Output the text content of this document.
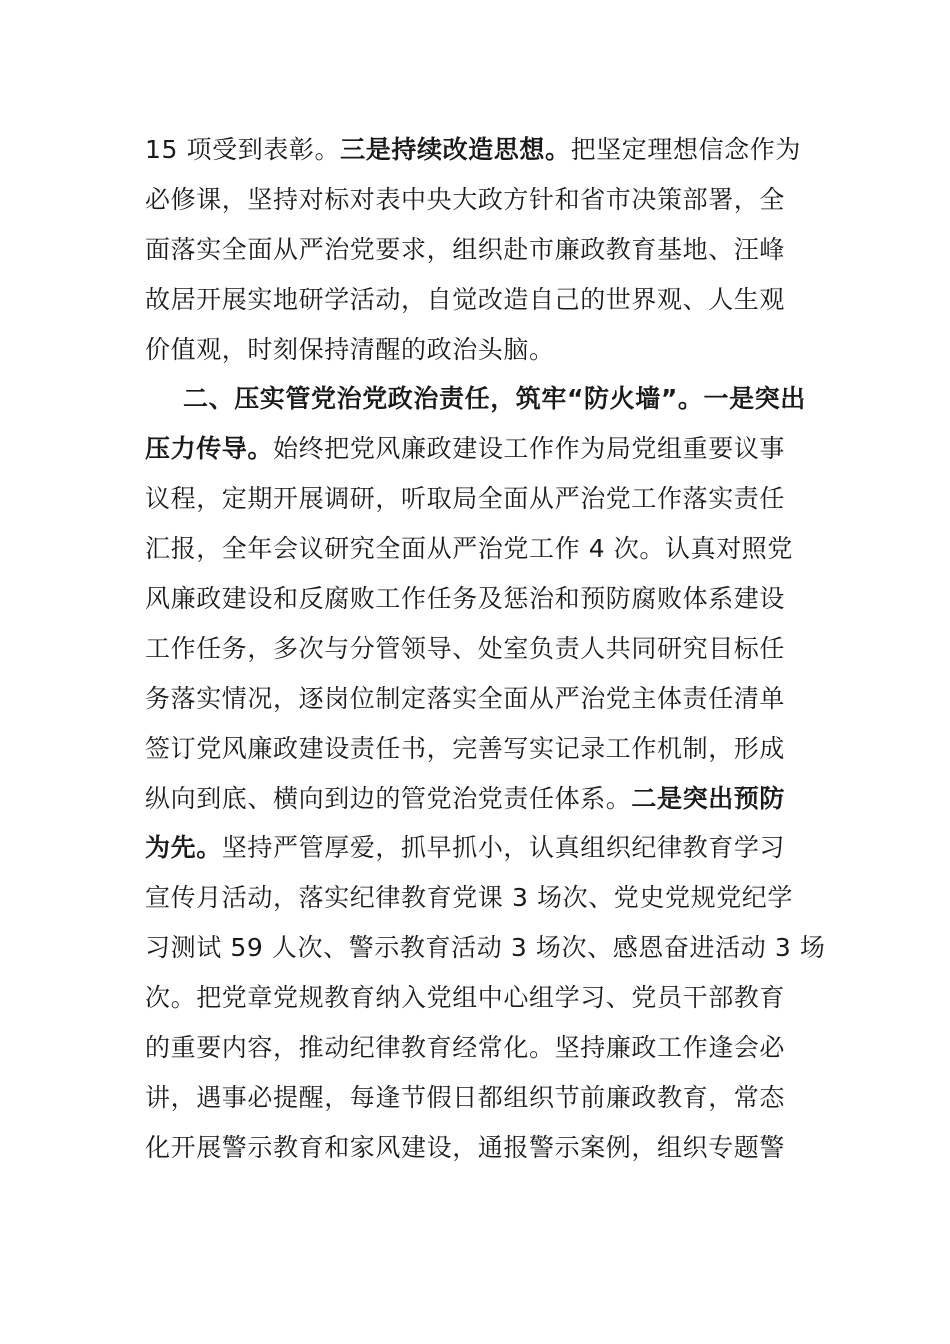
15 项受到表彰。三是持续改造思想。把坚定理想信念作为
必修课，坚持对标对表中央大政方针和省市决策部署，全
面落实全面从严治党要求，组织赴市廉政教育基地、汪峰
故居开展实地研学活动，自觉改造自己的世界观、人生观
价值观，时刻保持清醒的政治头脑。
二、压实管党治党政治责任，筑牢“防火墙”。一是突出
压力传导。始终把党风廉政建设工作作为局党组重要议事
议程，定期开展调研，听取局全面从严治党工作落实责任
汇报，全年会议研究全面从严治党工作 4 次。认真对照党
风廉政建设和反腐败工作任务及惩治和预防腐败体系建设
工作任务，多次与分管领导、处室负责人共同研究目标任
务落实情况，逐岗位制定落实全面从严治党主体责任清单
签订党风廉政建设责任书，完善写实记录工作机制，形成
纵向到底、横向到边的管党治党责任体系。二是突出预防
为先。坚持严管厚爱，抓早抓小，认真组织纪律教育学习
宣传月活动，落实纪律教育党课 3 场次、党史党规党纪学
习测试 59 人次、警示教育活动 3 场次、感恩奋进活动 3 场
次。把党章党规教育纳入党组中心组学习、党员干部教育
的重要内容，推动纪律教育经常化。坚持廉政工作逢会必
讲，遇事必提醒，每逢节假日都组织节前廉政教育，常态
化开展警示教育和家风建设，通报警示案例，组织专题警
